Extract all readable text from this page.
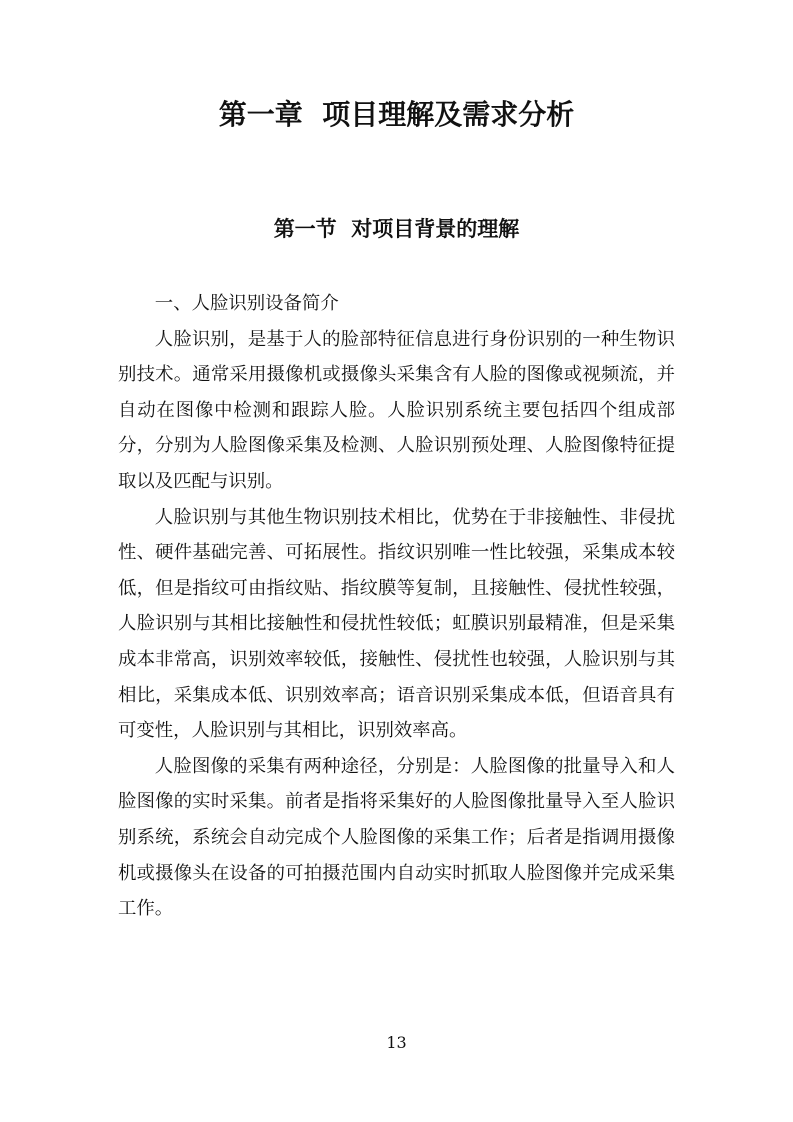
第一章  项目理解及需求分析
第一节  对项目背景的理解

一、人脸识别设备简介

人脸识别，是基于人的脸部特征信息进行身份识别的一种生物识别技术。通常采用摄像机或摄像头采集含有人脸的图像或视频流，并自动在图像中检测和跟踪人脸。人脸识别系统主要包括四个组成部分，分别为人脸图像采集及检测、人脸识别预处理、人脸图像特征提取以及匹配与识别。

人脸识别与其他生物识别技术相比，优势在于非接触性、非侵扰性、硬件基础完善、可拓展性。指纹识别唯一性比较强，采集成本较低，但是指纹可由指纹贴、指纹膜等复制，且接触性、侵扰性较强，人脸识别与其相比接触性和侵扰性较低；虹膜识别最精准，但是采集成本非常高，识别效率较低，接触性、侵扰性也较强，人脸识别与其相比，采集成本低、识别效率高；语音识别采集成本低，但语音具有可变性，人脸识别与其相比，识别效率高。

人脸图像的采集有两种途径，分别是：人脸图像的批量导入和人脸图像的实时采集。前者是指将采集好的人脸图像批量导入至人脸识别系统，系统会自动完成个人脸图像的采集工作；后者是指调用摄像机或摄像头在设备的可拍摄范围内自动实时抓取人脸图像并完成采集工作。

13
